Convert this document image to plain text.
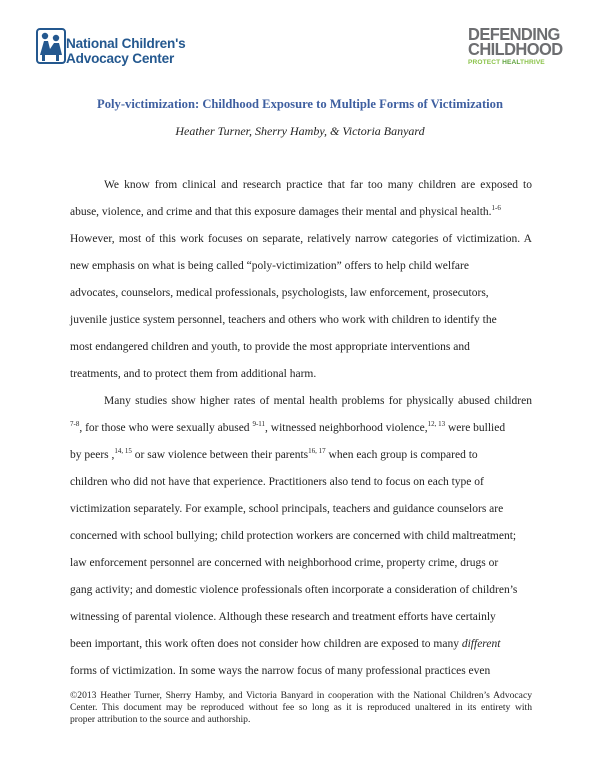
National Children's
Advocacy Center
DEFENDING
CHILDHOOD
PROTECT HEALTHRIVE
Poly-victimization: Childhood Exposure to Multiple Forms of Victimization
Heather Turner, Sherry Hamby, & Victoria Banyard
We know from clinical and research practice that far too many children are exposed to
abuse, violence, and crime and that this exposure damages their mental and physical health.$^{1-6}$
However, most of this work focuses on separate, relatively narrow categories of victimization. A
new emphasis on what is being called “poly-victimization” offers to help child welfare
advocates, counselors, medical professionals, psychologists, law enforcement, prosecutors,
juvenile justice system personnel, teachers and others who work with children to identify the
most endangered children and youth, to provide the most appropriate interventions and
treatments, and to protect them from additional harm.
Many studies show higher rates of mental health problems for physically abused children
$^{7-8}$, for those who were sexually abused $^{9-11}$, witnessed neighborhood violence,$^{12, 13}$ were bullied
by peers ,$^{14, 15}$ or saw violence between their parents$^{16, 17}$ when each group is compared to
children who did not have that experience. Practitioners also tend to focus on each type of
victimization separately. For example, school principals, teachers and guidance counselors are
concerned with school bullying; child protection workers are concerned with child maltreatment;
law enforcement personnel are concerned with neighborhood crime, property crime, drugs or
gang activity; and domestic violence professionals often incorporate a consideration of children’s
witnessing of parental violence. Although these research and treatment efforts have certainly
been important, this work often does not consider how children are exposed to many different
forms of victimization. In some ways the narrow focus of many professional practices even
©2013 Heather Turner, Sherry Hamby, and Victoria Banyard in cooperation with the National Children’s Advocacy
Center. This document may be reproduced without fee so long as it is reproduced unaltered in its entirety with
proper attribution to the source and authorship.
